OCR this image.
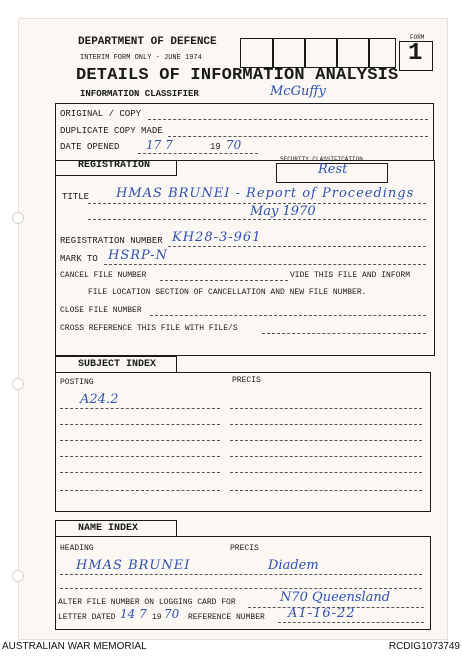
DEPARTMENT OF DEFENCE
INTERIM FORM ONLY - JUNE 1974
DETAILS OF INFORMATION ANALYSIS
INFORMATION CLASSIFIER	McGuffy
FORM
1
ORIGINAL / COPY
DUPLICATE COPY MADE
DATE OPENED 17 7	19 70
REGISTRATION
SECURITY CLASSIFICATION
Rest
TITLE HMAS BRUNEI - Report of Proceedings
May 1970
REGISTRATION NUMBER KH28-3-961
MARK TO HSRP-N
CANCEL FILE NUMBER	VIDE THIS FILE AND INFORM
FILE LOCATION SECTION OF CANCELLATION AND NEW FILE NUMBER.
CLOSE FILE NUMBER
CROSS REFERENCE THIS FILE WITH FILE/S
SUBJECT INDEX
POSTING	PRECIS
A24.2
NAME INDEX
HEADING	PRECIS
HMAS BRUNEI	Diadem
ALTER FILE NUMBER ON LOGGING CARD FOR	N70 Queensland
LETTER DATED 14 7 19 70 REFERENCE NUMBER A1-16-22
AUSTRALIAN WAR MEMORIAL	RCDIG1073749
